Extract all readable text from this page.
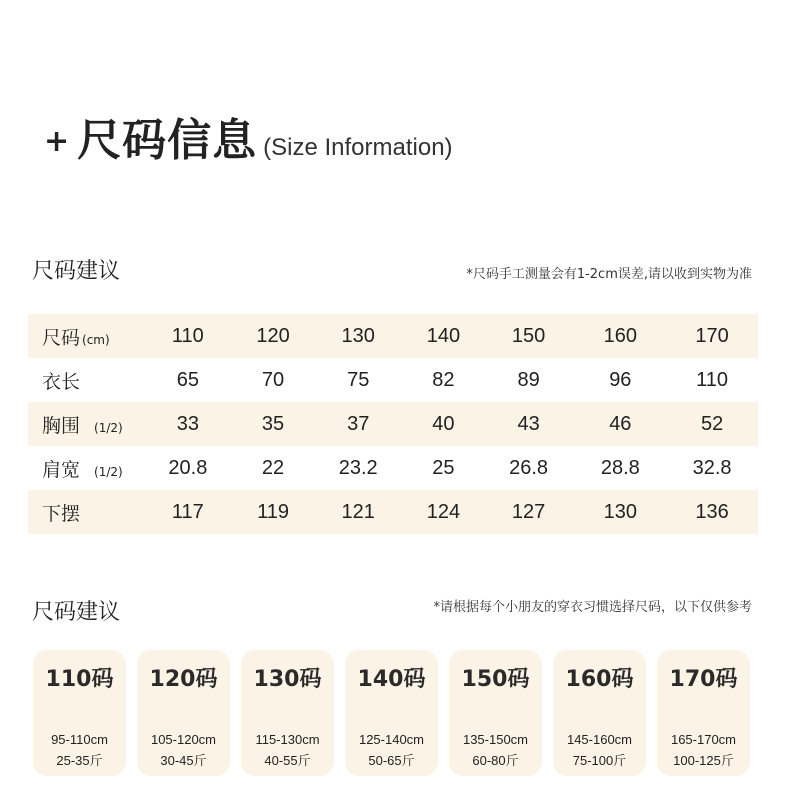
+ 尺码信息 (Size Information)
尺码建议	*尺码手工测量会有1-2cm误差,请以收到实物为准
尺码 (cm)	110	120	130	140	150	160	170
衣长	65	70	75	82	89	96	110
胸围 (1/2)	33	35	37	40	43	46	52
肩宽 (1/2)	20.8	22	23.2	25	26.8	28.8	32.8
下摆	117	119	121	124	127	130	136
尺码建议	*请根据每个小朋友的穿衣习惯选择尺码，以下仅供参考
110码
95-110cm
25-35斤
120码
105-120cm
30-45斤
130码
115-130cm
40-55斤
140码
125-140cm
50-65斤
150码
135-150cm
60-80斤
160码
145-160cm
75-100斤
170码
165-170cm
100-125斤
